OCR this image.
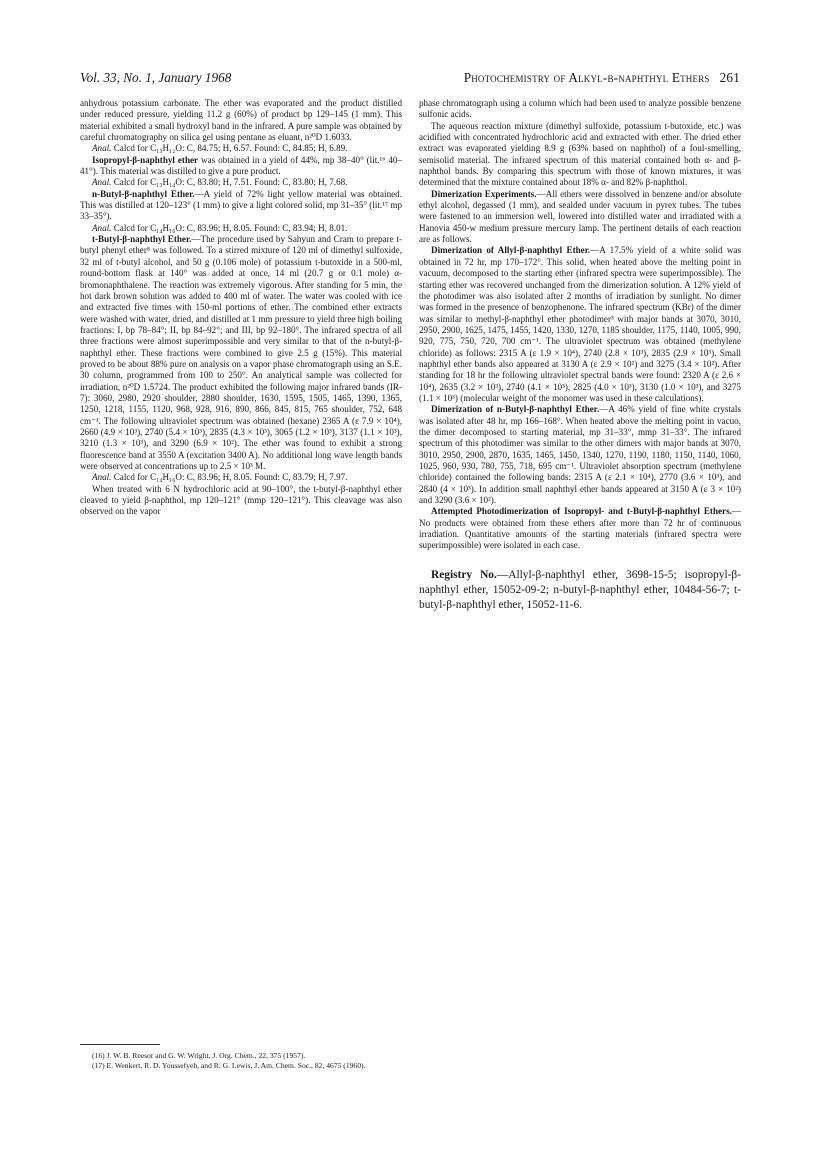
Vol. 33, No. 1, January 1968	Photochemistry of Alkyl-β-naphthyl Ethers 261

anhydrous potassium carbonate. The ether was evaporated and the product distilled under reduced pressure, yielding 11.2 g (60%) of product bp 129–145 (1 mm). This material exhibited a small hydroxyl band in the infrared. A pure sample was obtained by careful chromatography on silica gel using pentane as eluant, n²⁰D 1.6033.

Anal. Calcd for C₁₃H₁₂O: C, 84.75; H, 6.57. Found: C, 84.85; H, 6.89.

Isopropyl-β-naphthyl ether was obtained in a yield of 44%, mp 38–40° (lit.¹⁶ 40–41°). This material was distilled to give a pure product.

Anal. Calcd for C₁₃H₁₄O: C, 83.80; H, 7.51. Found: C, 83.80; H, 7.68.

n-Butyl-β-naphthyl Ether.—A yield of 72% light yellow material was obtained. This was distilled at 120–123° (1 mm) to give a light colored solid, mp 31–35° (lit.¹⁷ mp 33–35°).

Anal. Calcd for C₁₄H₁₆O: C, 83.96; H, 8.05. Found: C, 83.94; H, 8.01.

t-Butyl-β-naphthyl Ether.—The procedure used by Sahyun and Cram to prepare t-butyl phenyl ether⁸ was followed. To a stirred mixture of 120 ml of dimethyl sulfoxide, 32 ml of t-butyl alcohol, and 50 g (0.106 mole) of potassium t-butoxide in a 500-ml, round-bottom flask at 140° was added at once, 14 ml (20.7 g or 0.1 mole) α-bromonaphthalene. The reaction was extremely vigorous. After standing for 5 min, the hot dark brown solution was added to 400 ml of water. The water was cooled with ice and extracted five times with 150-ml portions of ether. The combined ether extracts were washed with water, dried, and distilled at 1 mm pressure to yield three high boiling fractions: I, bp 78–84°; II, bp 84–92°; and III, bp 92–180°. The infrared spectra of all three fractions were almost superimpossible and very similar to that of the n-butyl-β-naphthyl ether. These fractions were combined to give 2.5 g (15%). This material proved to be about 88% pure on analysis on a vapor phase chromatograph using an S.E. 30 column, programmed from 100 to 250°. An analytical sample was collected for irradiation, n²⁰D 1.5724. The product exhibited the following major infrared bands (IR-7): 3060, 2980, 2920 shoulder, 2880 shoulder, 1630, 1595, 1505, 1465, 1390, 1365, 1250, 1218, 1155, 1120, 968, 928, 916, 890, 866, 845, 815, 765 shoulder, 752, 648 cm⁻¹. The following ultraviolet spectrum was obtained (hexane) 2365 A (ε 7.9 × 10⁴), 2660 (4.9 × 10³), 2740 (5.4 × 10³), 2835 (4.3 × 10³), 3065 (1.2 × 10³), 3137 (1.1 × 10³), 3210 (1.3 × 10³), and 3290 (6.9 × 10²). The ether was found to exhibit a strong fluorescence band at 3550 A (excitation 3400 A). No additional long wave length bands were observed at concentrations up to 2.5 × 10³ M.

Anal. Calcd for C₁₄H₁₆O: C, 83.96; H, 8.05. Found: C, 83.79; H, 7.97.

When treated with 6 N hydrochloric acid at 90–100°, the t-butyl-β-naphthyl ether cleaved to yield β-naphthol, mp 120–121° (mmp 120–121°). This cleavage was also observed on the vapor

(16) J. W. B. Reesor and G. W. Wright, J. Org. Chem., 22, 375 (1957).

(17) E. Wenkert, R. D. Youssefyeh, and R. G. Lewis, J. Am. Chem. Soc., 82, 4675 (1960).

phase chromatograph using a column which had been used to analyze possible benzene sulfonic acids.

The aqueous reaction mixture (dimethyl sulfoxide, potassium t-butoxide, etc.) was acidified with concentrated hydrochloric acid and extracted with ether. The dried ether extract was evaporated yielding 8.9 g (63% based on naphthol) of a foul-smelling, semisolid material. The infrared spectrum of this material contained both α- and β-naphthol bands. By comparing this spectrum with those of known mixtures, it was determined that the mixture contained about 18% α- and 82% β-naphthol.

Dimerization Experiments.—All ethers were dissolved in benzene and/or absolute ethyl alcohol, degassed (1 mm), and sealded under vacuum in pyrex tubes. The tubes were fastened to an immersion well, lowered into distilled water and irradiated with a Hanovia 450-w medium pressure mercury lamp. The pertinent details of each reaction are as follows.

Dimerization of Allyl-β-naphthyl Ether.—A 17.5% yield of a white solid was obtained in 72 hr, mp 170–172°. This solid, when heated above the melting point in vacuum, decomposed to the starting ether (infrared spectra were superimpossible). The starting ether was recovered unchanged from the dimerization solution. A 12% yield of the photodimer was also isolated after 2 months of irradiation by sunlight. No dimer was formed in the presence of benzophenone. The infrared spectrum (KBr) of the dimer was similar to methyl-β-naphthyl ether photodimer³ with major bands at 3070, 3010, 2950, 2900, 1625, 1475, 1455, 1420, 1330, 1270, 1185 shoulder, 1175, 1140, 1005, 990, 920, 775, 750, 720, 700 cm⁻¹. The ultraviolet spectrum was obtained (methylene chloride) as follows: 2315 A (ε 1.9 × 10⁴), 2740 (2.8 × 10³), 2835 (2.9 × 10³). Small naphthyl ether bands also appeared at 3130 A (ε 2.9 × 10²) and 3275 (3.4 × 10²). After standing for 18 hr the following ultraviolet spectral bands were found: 2320 A (ε 2.6 × 10⁴), 2635 (3.2 × 10³), 2740 (4.1 × 10³), 2825 (4.0 × 10³), 3130 (1.0 × 10³), and 3275 (1.1 × 10³) (molecular weight of the monomer was used in these calculations).

Dimerization of n-Butyl-β-naphthyl Ether.—A 46% yield of fine white crystals was isolated after 48 hr, mp 166–168°. When heated above the melting point in vacuo, the dimer decomposed to starting material, mp 31–33°, mmp 31–33°. The infrared spectrum of this photodimer was similar to the other dimers with major bands at 3070, 3010, 2950, 2900, 2870, 1635, 1465, 1450, 1340, 1270, 1190, 1180, 1150, 1140, 1060, 1025, 960, 930, 780, 755, 718, 695 cm⁻¹. Ultraviolet absorption spectrum (methylene chloride) contained the following bands: 2315 A (ε 2.1 × 10⁴), 2770 (3.6 × 10³), and 2840 (4 × 10³). In addition small naphthyl ether bands appeared at 3150 A (ε 3 × 10²) and 3290 (3.6 × 10²).

Attempted Photodimerization of Isopropyl- and t-Butyl-β-naphthyl Ethers.—No products were obtained from these ethers after more than 72 hr of continuous irradiation. Quantitative amounts of the starting materials (infrared spectra were superimpossible) were isolated in each case.

Registry No.—Allyl-β-naphthyl ether, 3698-15-5; isopropyl-β-naphthyl ether, 15052-09-2; n-butyl-β-naphthyl ether, 10484-56-7; t-butyl-β-naphthyl ether, 15052-11-6.
